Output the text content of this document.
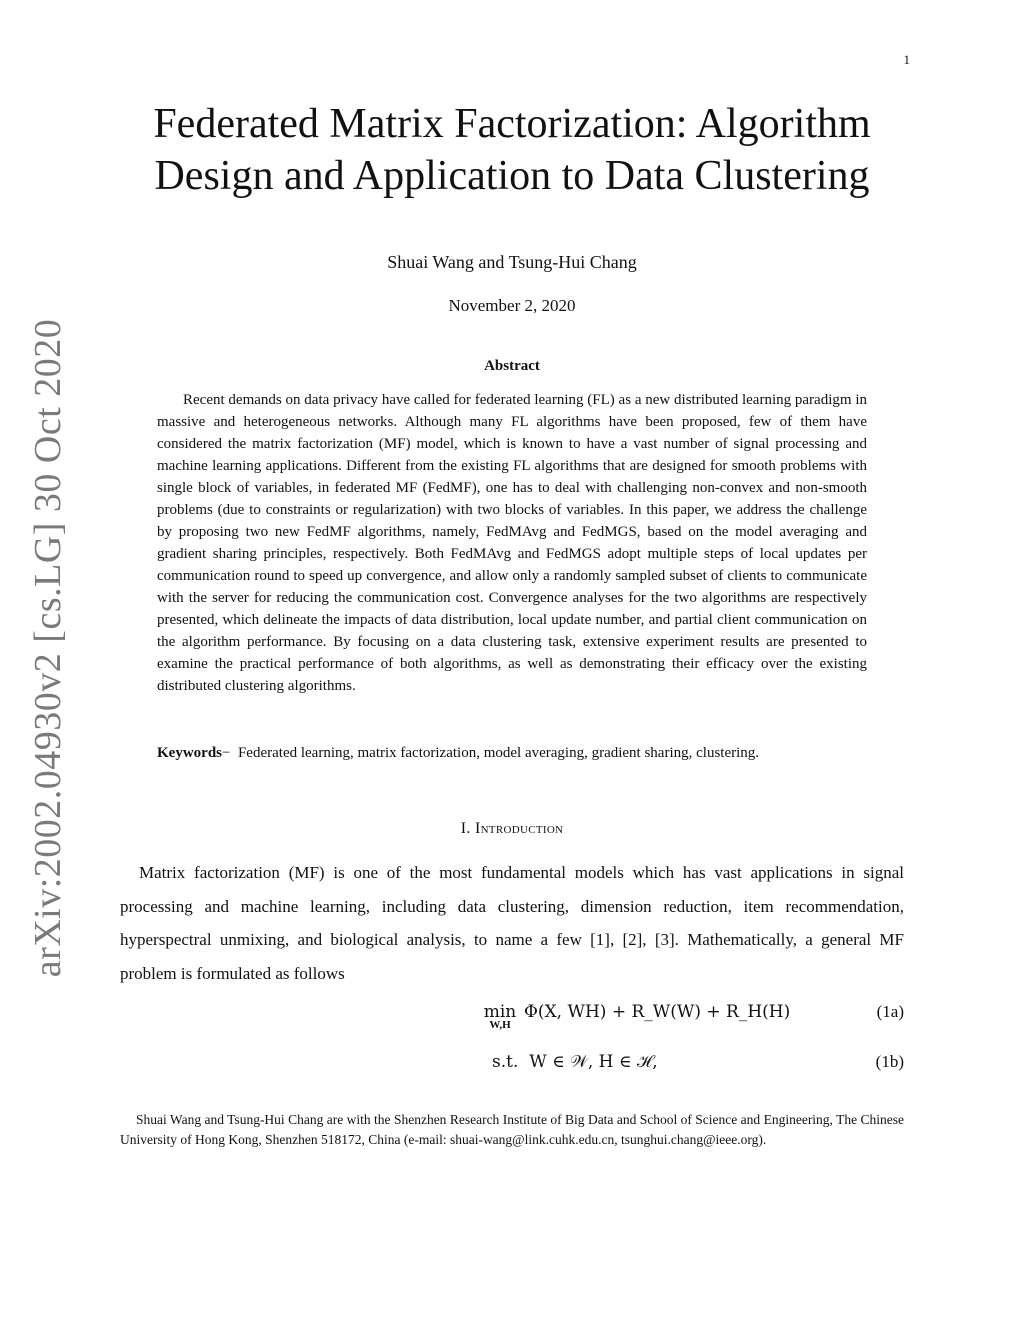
1
arXiv:2002.04930v2 [cs.LG] 30 Oct 2020
Federated Matrix Factorization: Algorithm
Design and Application to Data Clustering
Shuai Wang and Tsung-Hui Chang
November 2, 2020
Abstract

Recent demands on data privacy have called for federated learning (FL) as a new distributed learning paradigm in massive and heterogeneous networks. Although many FL algorithms have been proposed, few of them have considered the matrix factorization (MF) model, which is known to have a vast number of signal processing and machine learning applications. Different from the existing FL algorithms that are designed for smooth problems with single block of variables, in federated MF (FedMF), one has to deal with challenging non-convex and non-smooth problems (due to constraints or regularization) with two blocks of variables. In this paper, we address the challenge by proposing two new FedMF algorithms, namely, FedMAvg and FedMGS, based on the model averaging and gradient sharing principles, respectively. Both FedMAvg and FedMGS adopt multiple steps of local updates per communication round to speed up convergence, and allow only a randomly sampled subset of clients to communicate with the server for reducing the communication cost. Convergence analyses for the two algorithms are respectively presented, which delineate the impacts of data distribution, local update number, and partial client communication on the algorithm performance. By focusing on a data clustering task, extensive experiment results are presented to examine the practical performance of both algorithms, as well as demonstrating their efficacy over the existing distributed clustering algorithms.

Keywords− Federated learning, matrix factorization, model averaging, gradient sharing, clustering.

I. Introduction

Matrix factorization (MF) is one of the most fundamental models which has vast applications in signal processing and machine learning, including data clustering, dimension reduction, item recommendation, hyperspectral unmixing, and biological analysis, to name a few [1], [2], [3]. Mathematically, a general MF problem is formulated as follows

min
W,H
Φ(X, WH) + R_W(W) + R_H(H)	(1a)
s.t. W ∈ 𝒲, H ∈ ℋ,	(1b)

Shuai Wang and Tsung-Hui Chang are with the Shenzhen Research Institute of Big Data and School of Science and Engineering, The Chinese University of Hong Kong, Shenzhen 518172, China (e-mail: shuai-wang@link.cuhk.edu.cn, tsunghui.chang@ieee.org).
